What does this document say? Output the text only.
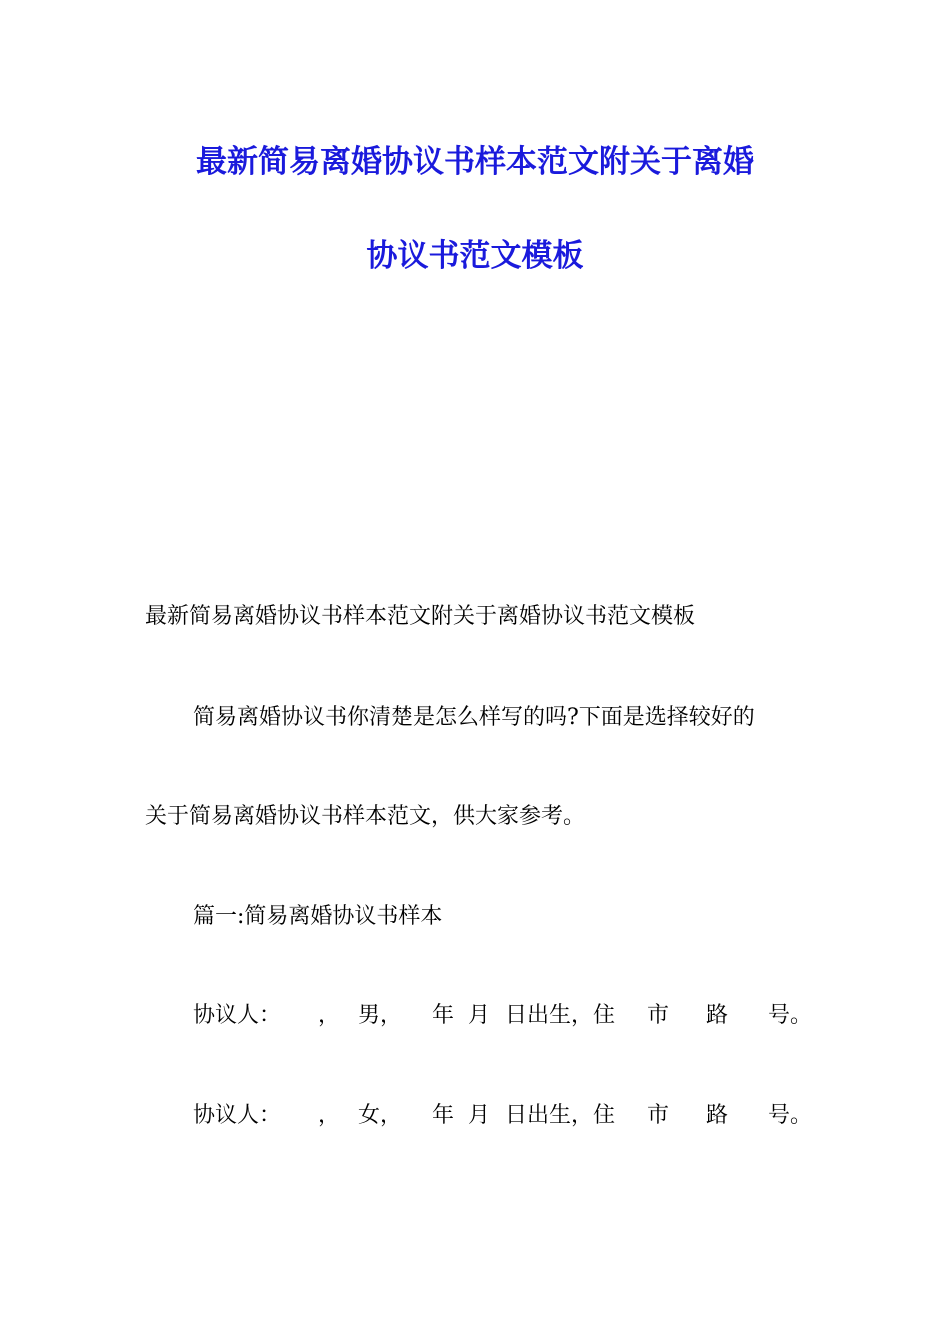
最新简易离婚协议书样本范文附关于离婚
协议书范文模板

最新简易离婚协议书样本范文附关于离婚协议书范文模板

简易离婚协议书你清楚是怎么样写的吗?下面是选择较好的

关于简易离婚协议书样本范文，供大家参考。

篇一:简易离婚协议书样本

协议人： ， 男， 年 月 日出生，住 市 路 号。
协议人： ， 女， 年 月 日出生，住 市 路 号。
